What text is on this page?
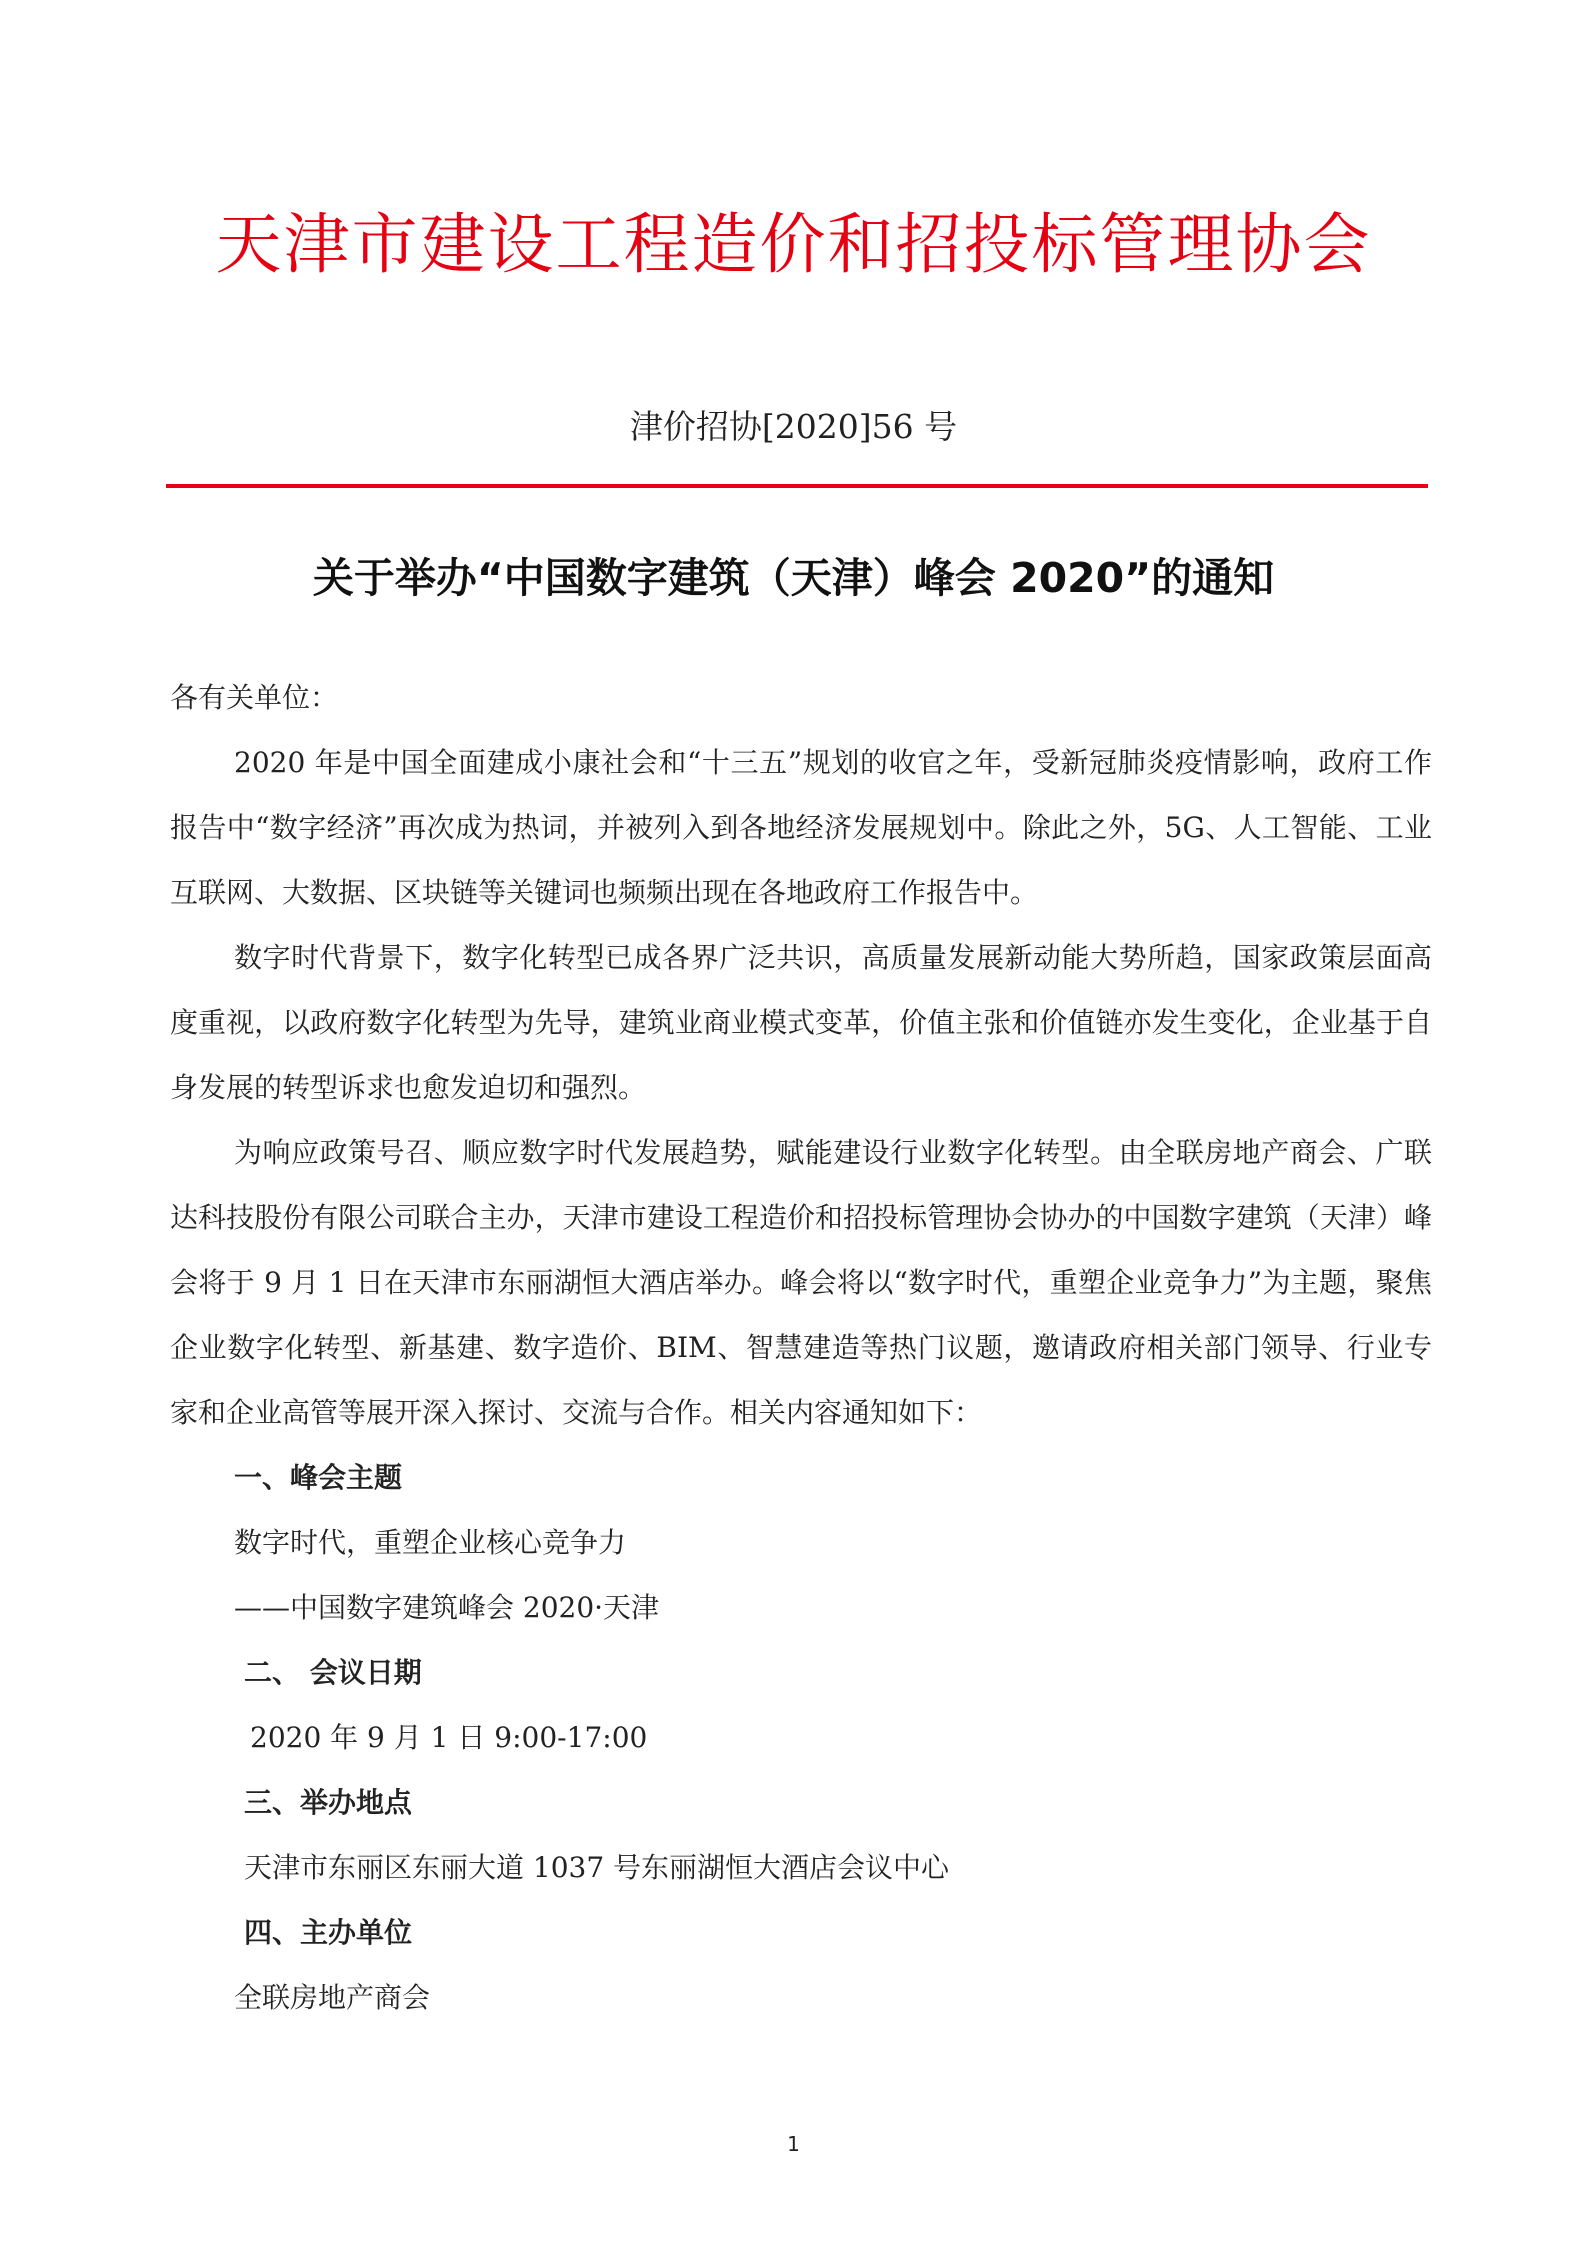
天津市建设工程造价和招投标管理协会
津价招协[2020]56 号
关于举办“中国数字建筑（天津）峰会 2020”的通知

各有关单位：

2020 年是中国全面建成小康社会和“十三五”规划的收官之年，受新冠肺炎疫情影响，政府工作报告中“数字经济”再次成为热词，并被列入到各地经济发展规划中。除此之外，5G、人工智能、工业互联网、大数据、区块链等关键词也频频出现在各地政府工作报告中。

数字时代背景下，数字化转型已成各界广泛共识，高质量发展新动能大势所趋，国家政策层面高度重视，以政府数字化转型为先导，建筑业商业模式变革，价值主张和价值链亦发生变化，企业基于自身发展的转型诉求也愈发迫切和强烈。

为响应政策号召、顺应数字时代发展趋势，赋能建设行业数字化转型。由全联房地产商会、广联达科技股份有限公司联合主办，天津市建设工程造价和招投标管理协会协办的中国数字建筑（天津）峰会将于 9 月 1 日在天津市东丽湖恒大酒店举办。峰会将以“数字时代，重塑企业竞争力”为主题，聚焦企业数字化转型、新基建、数字造价、BIM、智慧建造等热门议题，邀请政府相关部门领导、行业专家和企业高管等展开深入探讨、交流与合作。相关内容通知如下：

一、峰会主题

数字时代，重塑企业核心竞争力

——中国数字建筑峰会 2020·天津

二、 会议日期

2020 年 9 月 1 日 9:00-17:00

三、举办地点

天津市东丽区东丽大道 1037 号东丽湖恒大酒店会议中心

四、主办单位

全联房地产商会

1
